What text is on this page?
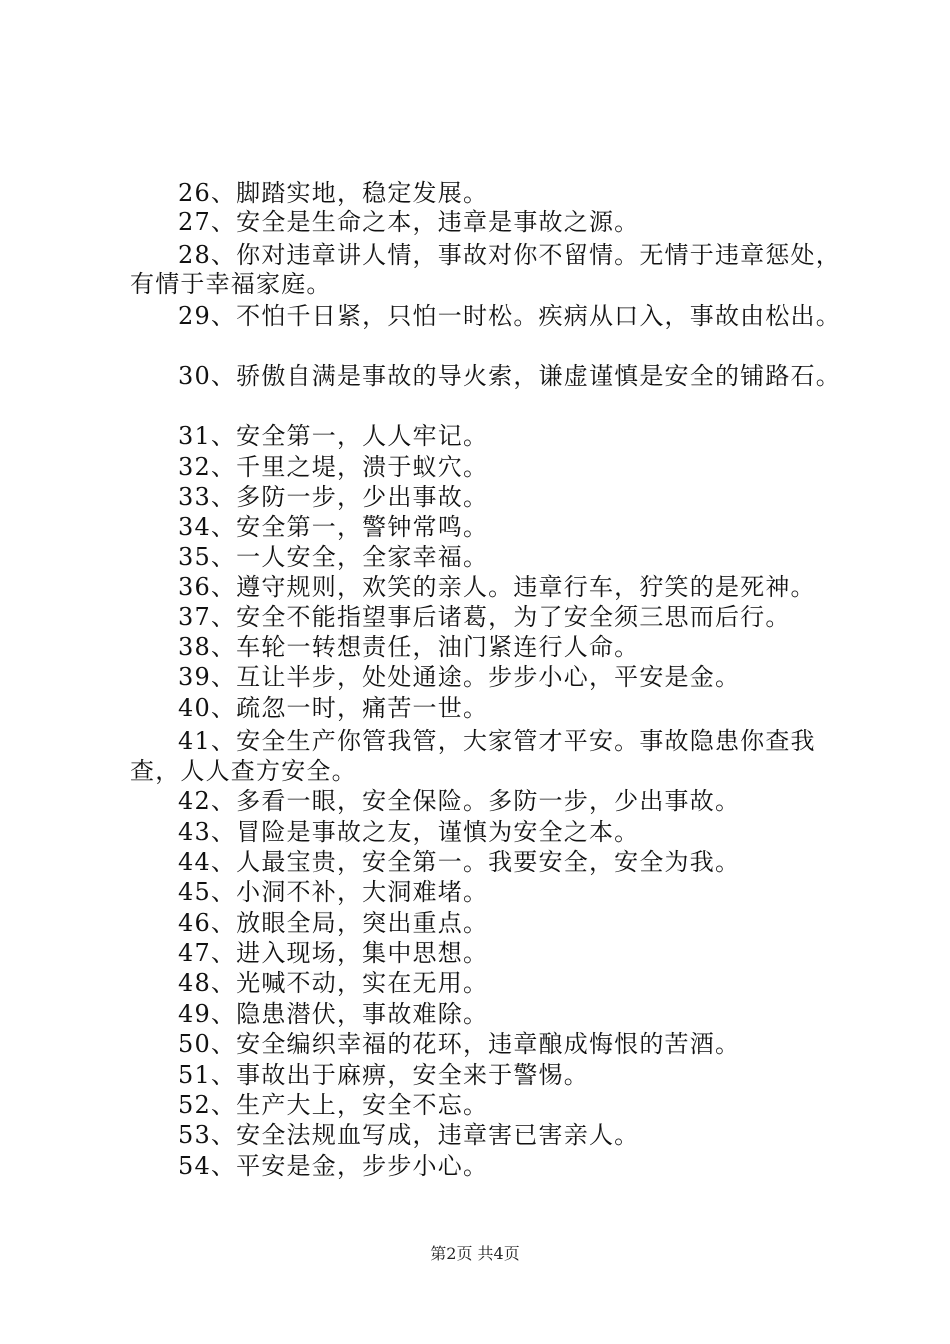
26、脚踏实地，稳定发展。
27、安全是生命之本，违章是事故之源。
28、你对违章讲人情，事故对你不留情。无情于违章惩处，
有情于幸福家庭。
29、不怕千日紧，只怕一时松。疾病从口入，事故由松出。
30、骄傲自满是事故的导火索，谦虚谨慎是安全的铺路石。
31、安全第一，人人牢记。
32、千里之堤，溃于蚁穴。
33、多防一步，少出事故。
34、安全第一，警钟常鸣。
35、一人安全，全家幸福。
36、遵守规则，欢笑的亲人。违章行车，狞笑的是死神。
37、安全不能指望事后诸葛，为了安全须三思而后行。
38、车轮一转想责任，油门紧连行人命。
39、互让半步，处处通途。步步小心，平安是金。
40、疏忽一时，痛苦一世。
41、安全生产你管我管，大家管才平安。事故隐患你查我
查，人人查方安全。
42、多看一眼，安全保险。多防一步，少出事故。
43、冒险是事故之友，谨慎为安全之本。
44、人最宝贵，安全第一。我要安全，安全为我。
45、小洞不补，大洞难堵。
46、放眼全局，突出重点。
47、进入现场，集中思想。
48、光喊不动，实在无用。
49、隐患潜伏，事故难除。
50、安全编织幸福的花环，违章酿成悔恨的苦酒。
51、事故出于麻痹，安全来于警惕。
52、生产大上，安全不忘。
53、安全法规血写成，违章害已害亲人。
54、平安是金，步步小心。
第2页 共4页
